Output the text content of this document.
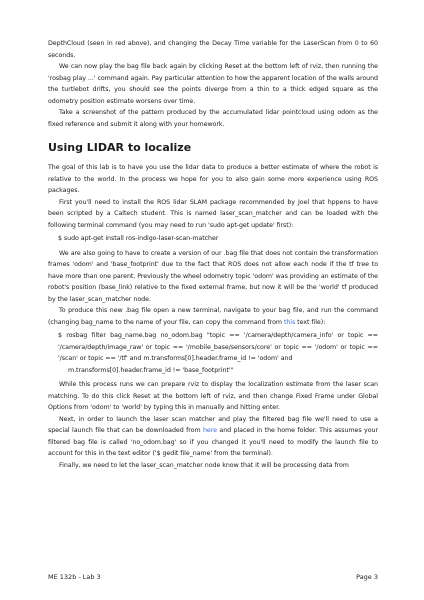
DepthCloud (seen in red above), and changing the Decay Time variable for the LaserScan from 0 to 60 seconds.

We can now play the bag file back again by clicking Reset at the bottom left of rviz, then running the 'rosbag play ...' command again. Pay particular attention to how the apparent location of the walls around the turtlebot drifts, you should see the points diverge from a thin to a thick edged square as the odometry position estimate worsens over time.

Take a screenshot of the pattern produced by the accumulated lidar pointcloud using odom as the fixed reference and submit it along with your homework.

Using LIDAR to localize

The goal of this lab is to have you use the lidar data to produce a better estimate of where the robot is relative to the world. In the process we hope for you to also gain some more experience using ROS packages.

First you'll need to install the ROS lidar SLAM package recommended by Joel that hppens to have been scripted by a Caltech student. This is named laser_scan_matcher and can be loaded with the following terminal command (you may need to run 'sudo apt-get update' first):

$ sudo apt-get install ros-indigo-laser-scan-matcher

We are also going to have to create a version of our .bag file that does not contain the transformation frames 'odom' and 'base_footprint' due to the fact that ROS does not allow each node if the tf tree to have more than one parent. Previously the wheel odometry topic 'odom' was providing an estimate of the robot's position (base_link) relative to the fixed external frame, but now it will be the 'world' tf produced by the laser_scan_matcher node.

To produce this new .bag file open a new terminal, navigate to your bag file, and run the command (changing bag_name to the name of your file, can copy the command from this text file):

$ rosbag filter bag_name.bag no_odom.bag "topic == '/camera/depth/camera_info' or topic == '/camera/depth/image_raw' or topic == '/mobile_base/sensors/core' or topic == '/odom' or topic == '/scan' or topic == '/tf' and m.transforms[0].header.frame_id != 'odom' and
m.transforms[0].header.frame_id != 'base_footprint'"

While this process runs we can prepare rviz to display the localization estimate from the laser scan matching. To do this click Reset at the bottom left of rviz, and then change Fixed Frame under Global Options from 'odom' to 'world' by typing this in manually and hitting enter.

Next, in order to launch the laser scan matcher and play the filtered bag file we'll need to use a special launch file that can be downloaded from here and placed in the home folder. This assumes your filtered bag file is called 'no_odom.bag' so if you changed it you'll need to modify the launch file to account for this in the text editor ('$ gedit file_name' from the terminal).

Finally, we need to let the laser_scan_matcher node know that it will be processing data from

ME 132b - Lab 3	Page 3
